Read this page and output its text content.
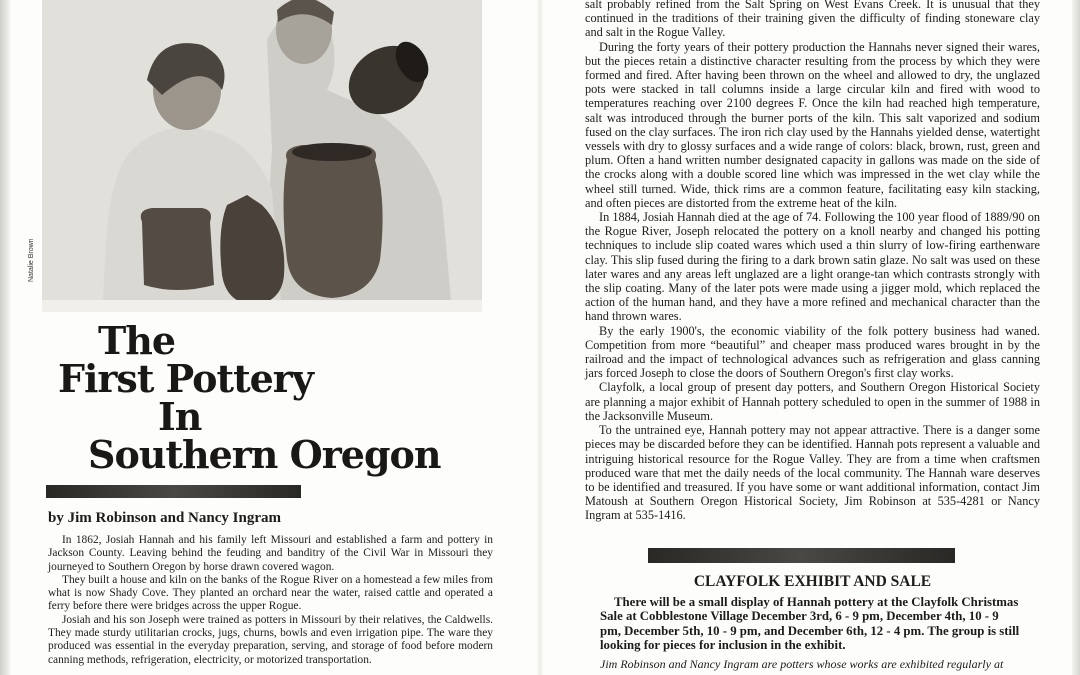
Natalie Brown
The
First Pottery
In
Southern Oregon
by Jim Robinson and Nancy Ingram

In 1862, Josiah Hannah and his family left Missouri and established a farm and pottery in Jackson County. Leaving behind the feuding and banditry of the Civil War in Missouri they journeyed to Southern Oregon by horse drawn covered wagon.

They built a house and kiln on the banks of the Rogue River on a homestead a few miles from what is now Shady Cove. They planted an orchard near the water, raised cattle and operated a ferry before there were bridges across the upper Rogue.

Josiah and his son Joseph were trained as potters in Missouri by their relatives, the Caldwells. They made sturdy utilitarian crocks, jugs, churns, bowls and even irrigation pipe. The ware they produced was essential in the everyday preparation, serving, and storage of food before modern canning methods, refrigeration, electricity, or motorized transportation.

salt probably refined from the Salt Spring on West Evans Creek. It is unusual that they continued in the traditions of their training given the difficulty of finding stoneware clay and salt in the Rogue Valley.

During the forty years of their pottery production the Hannahs never signed their wares, but the pieces retain a distinctive character resulting from the process by which they were formed and fired. After having been thrown on the wheel and allowed to dry, the unglazed pots were stacked in tall columns inside a large circular kiln and fired with wood to temperatures reaching over 2100 degrees F. Once the kiln had reached high temperature, salt was introduced through the burner ports of the kiln. This salt vaporized and sodium fused on the clay surfaces. The iron rich clay used by the Hannahs yielded dense, watertight vessels with dry to glossy surfaces and a wide range of colors: black, brown, rust, green and plum. Often a hand written number designated capacity in gallons was made on the side of the crocks along with a double scored line which was impressed in the wet clay while the wheel still turned. Wide, thick rims are a common feature, facilitating easy kiln stacking, and often pieces are distorted from the extreme heat of the kiln.

In 1884, Josiah Hannah died at the age of 74. Following the 100 year flood of 1889/90 on the Rogue River, Joseph relocated the pottery on a knoll nearby and changed his potting techniques to include slip coated wares which used a thin slurry of low-firing earthenware clay. This slip fused during the firing to a dark brown satin glaze. No salt was used on these later wares and any areas left unglazed are a light orange-tan which contrasts strongly with the slip coating. Many of the later pots were made using a jigger mold, which replaced the action of the human hand, and they have a more refined and mechanical character than the hand thrown wares.

By the early 1900's, the economic viability of the folk pottery business had waned. Competition from more “beautiful” and cheaper mass produced wares brought in by the railroad and the impact of technological advances such as refrigeration and glass canning jars forced Joseph to close the doors of Southern Oregon's first clay works.

Clayfolk, a local group of present day potters, and Southern Oregon Historical Society are planning a major exhibit of Hannah pottery scheduled to open in the summer of 1988 in the Jacksonville Museum.

To the untrained eye, Hannah pottery may not appear attractive. There is a danger some pieces may be discarded before they can be identified. Hannah pots represent a valuable and intriguing historical resource for the Rogue Valley. They are from a time when craftsmen produced ware that met the daily needs of the local community. The Hannah ware deserves to be identified and treasured. If you have some or want additional information, contact Jim Matoush at Southern Oregon Historical Society, Jim Robinson at 535-4281 or Nancy Ingram at 535-1416.

CLAYFOLK EXHIBIT AND SALE

There will be a small display of Hannah pottery at the Clayfolk Christmas Sale at Cobblestone Village December 3rd, 6 - 9 pm, December 4th, 10 - 9 pm, December 5th, 10 - 9 pm, and December 6th, 12 - 4 pm. The group is still looking for pieces for inclusion in the exhibit.

Jim Robinson and Nancy Ingram are potters whose works are exhibited regularly at
